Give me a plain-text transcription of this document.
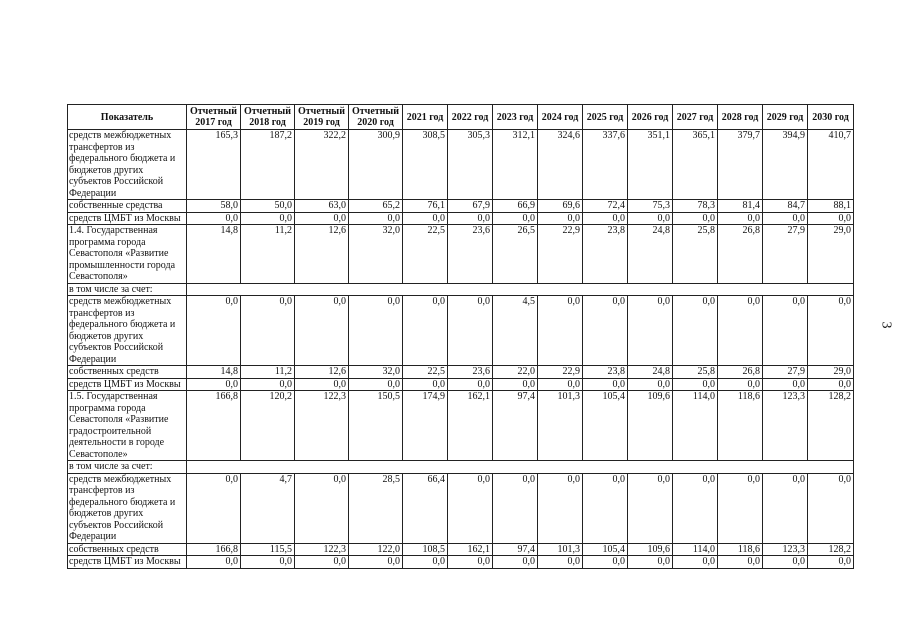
Показатель	Отчетный 2017 год	Отчетный 2018 год	Отчетный 2019 год	Отчетный 2020 год	2021 год	2022 год	2023 год	2024 год	2025 год	2026 год	2027 год	2028 год	2029 год	2030 год
средств межбюджетных трансфертов из федерального бюджета и бюджетов других субъектов Российской Федерации	165,3	187,2	322,2	300,9	308,5	305,3	312,1	324,6	337,6	351,1	365,1	379,7	394,9	410,7
собственные средства	58,0	50,0	63,0	65,2	76,1	67,9	66,9	69,6	72,4	75,3	78,3	81,4	84,7	88,1
средств ЦМБТ из Москвы	0,0	0,0	0,0	0,0	0,0	0,0	0,0	0,0	0,0	0,0	0,0	0,0	0,0	0,0
1.4. Государственная программа города Севастополя «Развитие промышленности города Севастополя»	14,8	11,2	12,6	32,0	22,5	23,6	26,5	22,9	23,8	24,8	25,8	26,8	27,9	29,0
в том числе за счет:														
средств межбюджетных трансфертов из федерального бюджета и бюджетов других субъектов Российской Федерации	0,0	0,0	0,0	0,0	0,0	0,0	4,5	0,0	0,0	0,0	0,0	0,0	0,0	0,0
собственных средств	14,8	11,2	12,6	32,0	22,5	23,6	22,0	22,9	23,8	24,8	25,8	26,8	27,9	29,0
средств ЦМБТ из Москвы	0,0	0,0	0,0	0,0	0,0	0,0	0,0	0,0	0,0	0,0	0,0	0,0	0,0	0,0
1.5. Государственная программа города Севастополя «Развитие градостроительной деятельности в городе Севастополе»	166,8	120,2	122,3	150,5	174,9	162,1	97,4	101,3	105,4	109,6	114,0	118,6	123,3	128,2
в том числе за счет:														
средств межбюджетных трансфертов из федерального бюджета и бюджетов других субъектов Российской Федерации	0,0	4,7	0,0	28,5	66,4	0,0	0,0	0,0	0,0	0,0	0,0	0,0	0,0	0,0
собственных средств	166,8	115,5	122,3	122,0	108,5	162,1	97,4	101,3	105,4	109,6	114,0	118,6	123,3	128,2
средств ЦМБТ из Москвы	0,0	0,0	0,0	0,0	0,0	0,0	0,0	0,0	0,0	0,0	0,0	0,0	0,0	0,0
3
